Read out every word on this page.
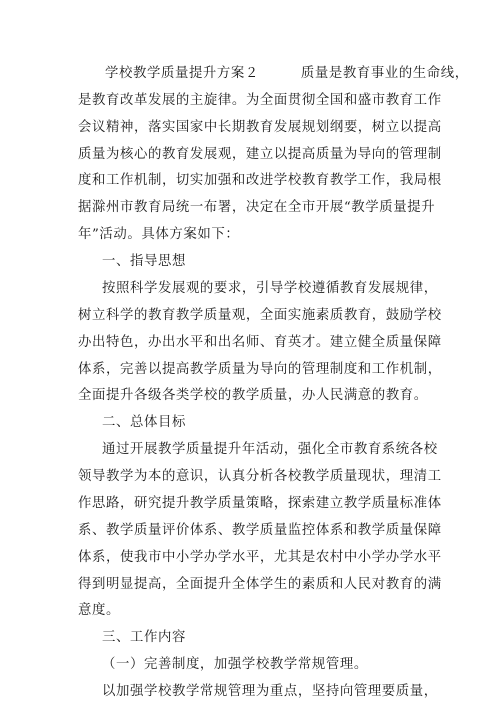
学校教学质量提升方案２　　　质量是教育事业的生命线，
是教育改革发展的主旋律。为全面贯彻全国和盛市教育工作
会议精神，落实国家中长期教育发展规划纲要，树立以提高
质量为核心的教育发展观，建立以提高质量为导向的管理制
度和工作机制，切实加强和改进学校教育教学工作，我局根
据滁州市教育局统一布署，决定在全市开展“教学质量提升
年”活动。具体方案如下：
一、指导思想
按照科学发展观的要求，引导学校遵循教育发展规律，
树立科学的教育教学质量观，全面实施素质教育，鼓励学校
办出特色，办出水平和出名师、育英才。建立健全质量保障
体系，完善以提高教学质量为导向的管理制度和工作机制，
全面提升各级各类学校的教学质量，办人民满意的教育。
二、总体目标
通过开展教学质量提升年活动，强化全市教育系统各校
领导教学为本的意识，认真分析各校教学质量现状，理清工
作思路，研究提升教学质量策略，探索建立教学质量标准体
系、教学质量评价体系、教学质量监控体系和教学质量保障
体系，使我市中小学办学水平，尤其是农村中小学办学水平
得到明显提高，全面提升全体学生的素质和人民对教育的满
意度。
三、工作内容
（一）完善制度，加强学校教学常规管理。
以加强学校教学常规管理为重点，坚持向管理要质量，
